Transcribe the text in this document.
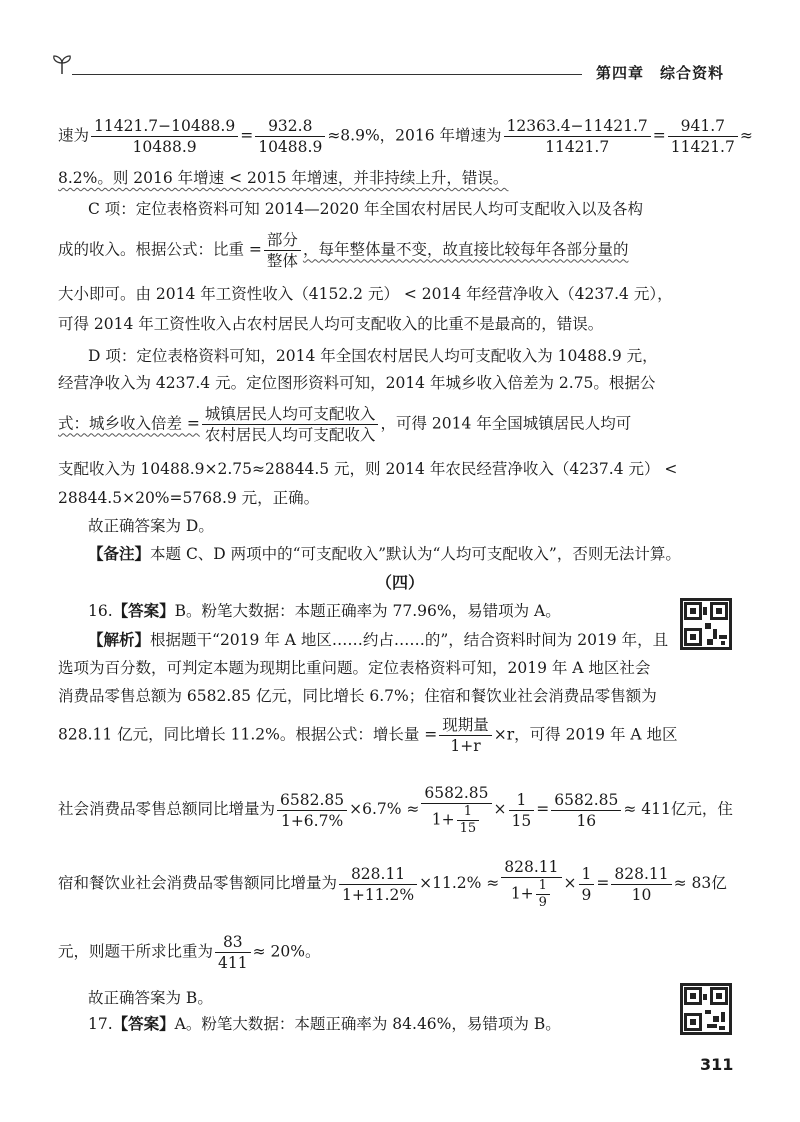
第四章　综合资料
速为 $\frac{11421.7-10488.9}{10488.9} = \frac{932.8}{10488.9} \approx 8.9\%$，2016 年增速为 $\frac{12363.4-11421.7}{11421.7} = \frac{941.7}{11421.7}$ ≈
8.2%。则 2016 年增速 < 2015 年增速，并非持续上升，错误。
C 项：定位表格资料可知 2014—2020 年全国农村居民人均可支配收入以及各构
成的收入。根据公式：比重 = $\frac{\text{部分}}{\text{整体}}$ ，每年整体量不变，故直接比较每年各部分量的
大小即可。由 2014 年工资性收入（4152.2 元） < 2014 年经营净收入（4237.4 元），
可得 2014 年工资性收入占农村居民人均可支配收入的比重不是最高的，错误。
D 项：定位表格资料可知，2014 年全国农村居民人均可支配收入为 10488.9 元，
经营净收入为 4237.4 元。定位图形资料可知，2014 年城乡收入倍差为 2.75。根据公
式：城乡收入倍差 = $\frac{\text{城镇居民人均可支配收入}}{\text{农村居民人均可支配收入}}$ ，可得 2014 年全国城镇居民人均可
支配收入为 10488.9×2.75≈28844.5 元，则 2014 年农民经营净收入（4237.4 元） <
28844.5×20%=5768.9 元，正确。
故正确答案为 D。
【备注】本题 C、D 两项中的“可支配收入”默认为“人均可支配收入”，否则无法计算。
（四）
16.【答案】B。粉笔大数据：本题正确率为 77.96%，易错项为 A。
【解析】根据题干“2019 年 A 地区……约占……的”，结合资料时间为 2019 年，且
选项为百分数，可判定本题为现期比重问题。定位表格资料可知，2019 年 A 地区社会
消费品零售总额为 6582.85 亿元，同比增长 6.7%；住宿和餐饮业社会消费品零售额为
828.11 亿元，同比增长 11.2%。根据公式：增长量 = $\frac{\text{现期量}}{1+r} \times r$，可得 2019 年 A 地区
社会消费品零售总额同比增量为 $\frac{6582.85}{1+6.7\%} \times 6.7\% \approx \frac{6582.85}{1+ \frac{1}{15}} \times \frac{1}{15} = \frac{6582.85}{16} \approx 411$亿元，住
宿和餐饮业社会消费品零售额同比增量为 $\frac{828.11}{1+11.2\%} \times 11.2\% \approx \frac{828.11}{1+ \frac{1}{9}} \times \frac{1}{9} = \frac{828.11}{10} \approx 83$亿
元，则题干所求比重为 $\frac{83}{411} \approx 20\%$。
故正确答案为 B。
17.【答案】A。粉笔大数据：本题正确率为 84.46%，易错项为 B。
311
